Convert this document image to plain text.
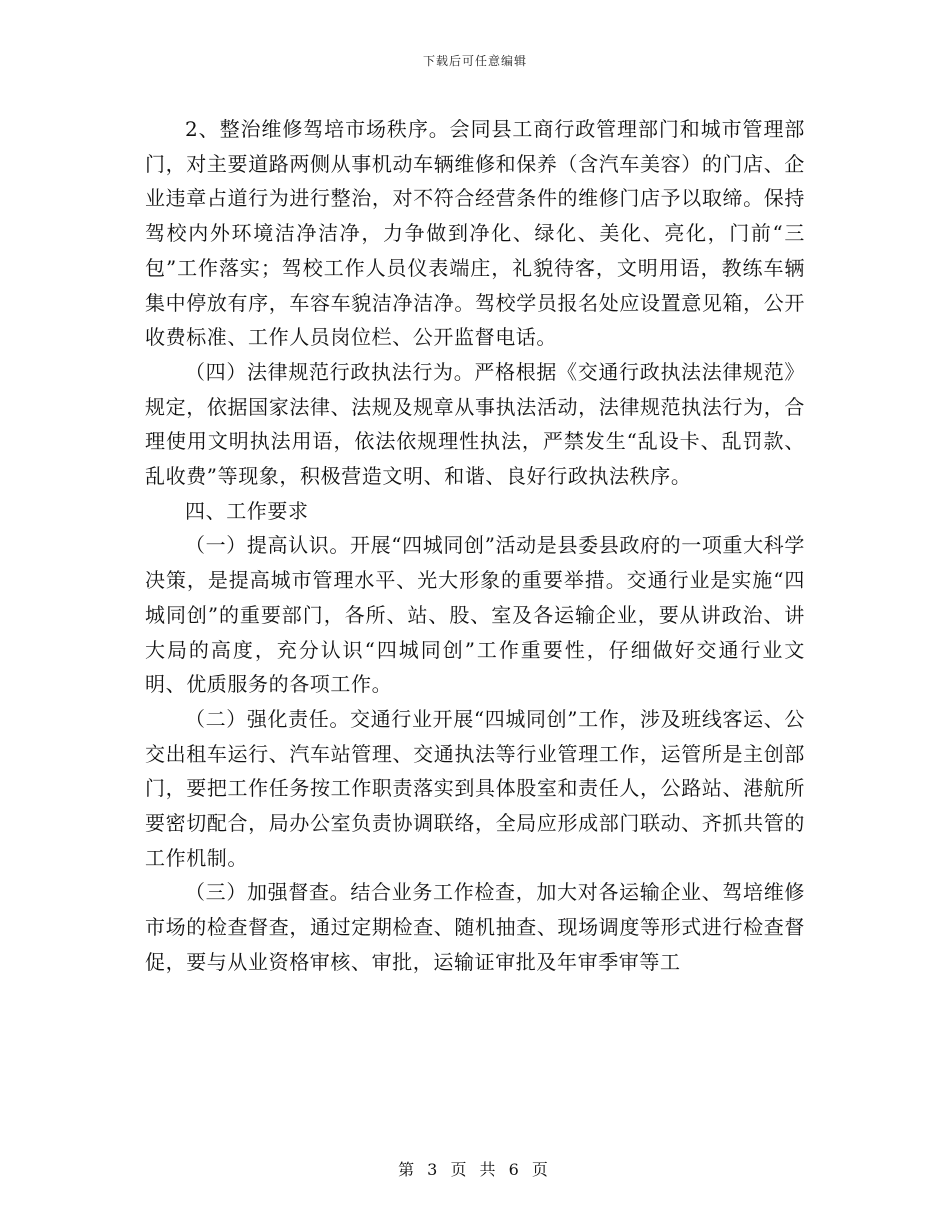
下载后可任意编辑

2、整治维修驾培市场秩序。会同县工商行政管理部门和城市管理部门，对主要道路两侧从事机动车辆维修和保养（含汽车美容）的门店、企业违章占道行为进行整治，对不符合经营条件的维修门店予以取缔。保持驾校内外环境洁净洁净，力争做到净化、绿化、美化、亮化，门前“三包”工作落实；驾校工作人员仪表端庄，礼貌待客，文明用语，教练车辆集中停放有序，车容车貌洁净洁净。驾校学员报名处应设置意见箱，公开收费标准、工作人员岗位栏、公开监督电话。

（四）法律规范行政执法行为。严格根据《交通行政执法法律规范》规定，依据国家法律、法规及规章从事执法活动，法律规范执法行为，合理使用文明执法用语，依法依规理性执法，严禁发生“乱设卡、乱罚款、乱收费”等现象，积极营造文明、和谐、良好行政执法秩序。

四、工作要求

（一）提高认识。开展“四城同创”活动是县委县政府的一项重大科学决策，是提高城市管理水平、光大形象的重要举措。交通行业是实施“四城同创”的重要部门，各所、站、股、室及各运输企业，要从讲政治、讲大局的高度，充分认识“四城同创”工作重要性，仔细做好交通行业文明、优质服务的各项工作。

（二）强化责任。交通行业开展“四城同创”工作，涉及班线客运、公交出租车运行、汽车站管理、交通执法等行业管理工作，运管所是主创部门，要把工作任务按工作职责落实到具体股室和责任人，公路站、港航所要密切配合，局办公室负责协调联络，全局应形成部门联动、齐抓共管的工作机制。

（三）加强督查。结合业务工作检查，加大对各运输企业、驾培维修市场的检查督查，通过定期检查、随机抽查、现场调度等形式进行检查督促，要与从业资格审核、审批，运输证审批及年审季审等工

第 3 页 共 6 页
